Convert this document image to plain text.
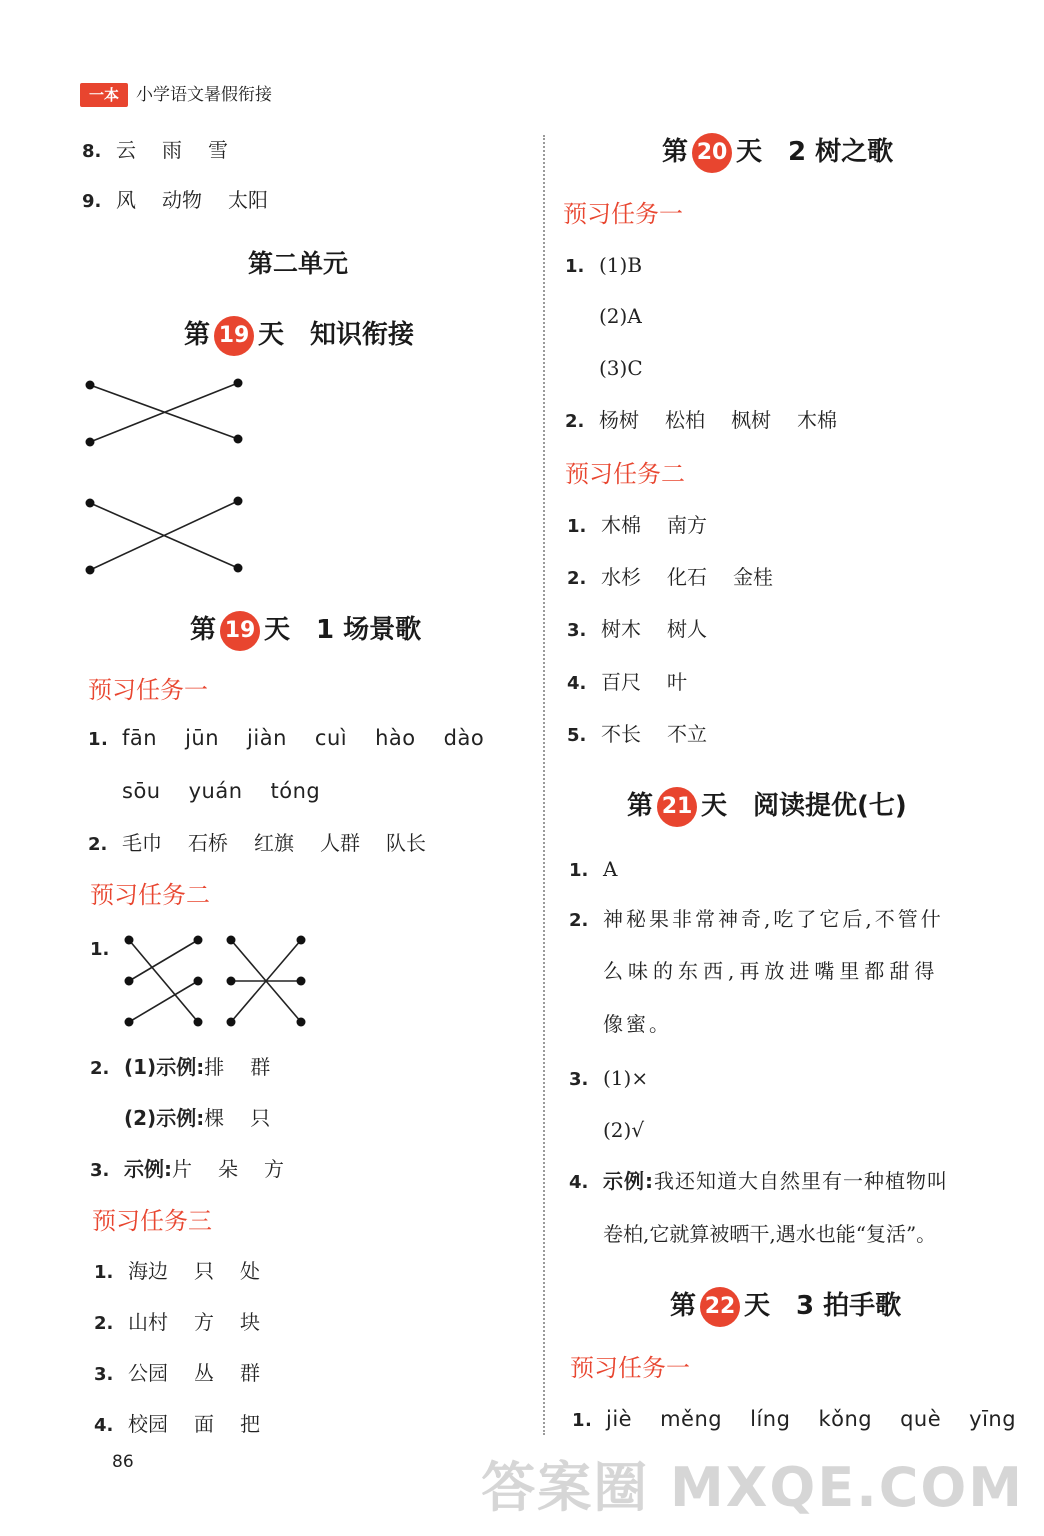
一本	小学语文暑假衔接
8. 云 雨 雪
9. 风 动物 太阳
第二单元
第 19 天 知识衔接
第 19 天 1 场景歌
预习任务一
1. fān jūn jiàn cuì hào dào
sōu yuán tóng
2. 毛巾 石桥 红旗 人群 队长
预习任务二
1.
2. (1)示例:排 群
(2)示例:棵 只
3. 示例:片 朵 方
预习任务三
1. 海边 只 处
2. 山村 方 块
3. 公园 丛 群
4. 校园 面 把
86
第 20 天 2 树之歌
预习任务一
1. (1)B
(2)A
(3)C
2. 杨树 松柏 枫树 木棉
预习任务二
1. 木棉 南方
2. 水杉 化石 金桂
3. 树木 树人
4. 百尺 叶
5. 不长 不立
第 21 天 阅读提优(七)
1. A
2. 神秘果非常神奇,吃了它后,不管什
么味的东西,再放进嘴里都甜得
像蜜。
3. (1)×
(2)√
4. 示例:我还知道大自然里有一种植物叫
卷柏,它就算被晒干,遇水也能“复活”。
第 22 天 3 拍手歌
预习任务一
1. jiè měng líng kǒng què yīng
答案圈 MXQE.COM
